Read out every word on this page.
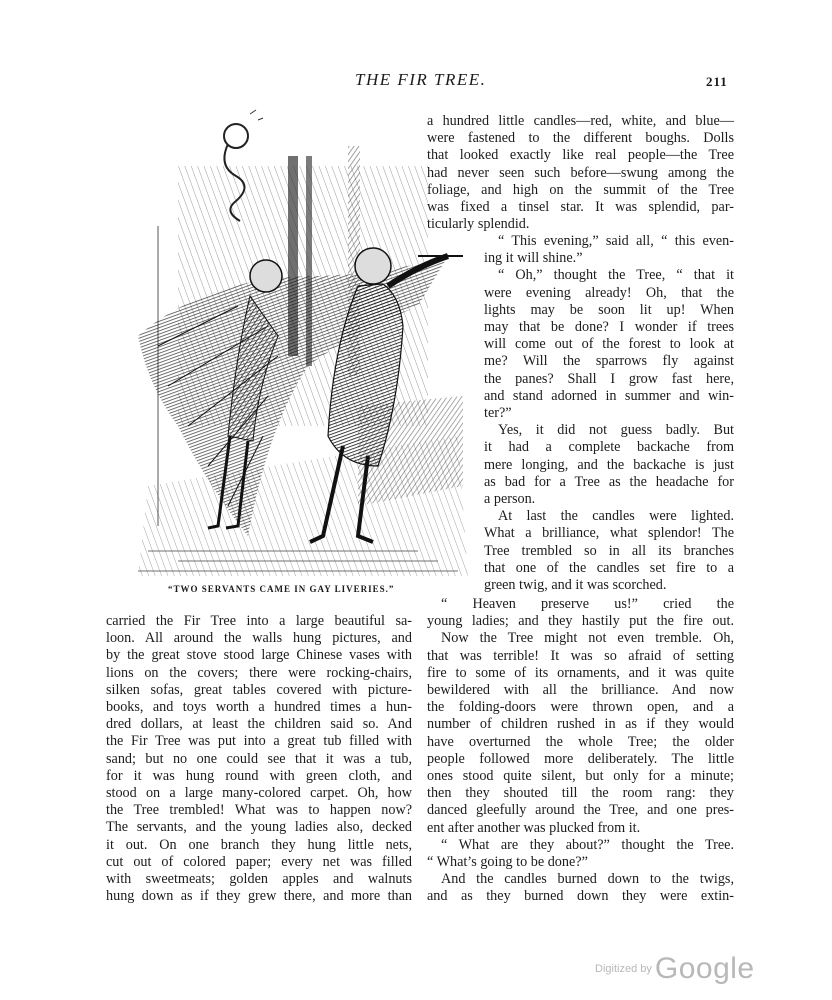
THE FIR TREE.	211
“TWO SERVANTS CAME IN GAY LIVERIES.”
a hundred little candles—red, white, and blue—
were fastened to the different boughs. Dolls
that looked exactly like real people—the Tree
had never seen such before—swung among the
foliage, and high on the summit of the Tree
was fixed a tinsel star. It was splendid, par-
ticularly splendid.
“ This evening,” said all, “ this even-
ing it will shine.”
“ Oh,” thought the Tree, “ that it
were evening already! Oh, that the
lights may be soon lit up! When
may that be done? I wonder if trees
will come out of the forest to look at
me? Will the sparrows fly against
the panes? Shall I grow fast here,
and stand adorned in summer and win-
ter?”
Yes, it did not guess badly. But
it had a complete backache from
mere longing, and the backache is just
as bad for a Tree as the headache for
a person.
At last the candles were lighted.
What a brilliance, what splendor! The
Tree trembled so in all its branches
that one of the candles set fire to a
green twig, and it was scorched.
“ Heaven preserve us!” cried the
young ladies; and they hastily put the fire out.
Now the Tree might not even tremble. Oh,
that was terrible! It was so afraid of setting
fire to some of its ornaments, and it was quite
bewildered with all the brilliance. And now
the folding-doors were thrown open, and a
number of children rushed in as if they would
have overturned the whole Tree; the older
people followed more deliberately. The little
ones stood quite silent, but only for a minute;
then they shouted till the room rang: they
danced gleefully around the Tree, and one pres-
ent after another was plucked from it.
“ What are they about?” thought the Tree.
“ What’s going to be done?”
And the candles burned down to the twigs,
and as they burned down they were extin-
carried the Fir Tree into a large beautiful sa-
loon. All around the walls hung pictures, and
by the great stove stood large Chinese vases with
lions on the covers; there were rocking-chairs,
silken sofas, great tables covered with picture-
books, and toys worth a hundred times a hun-
dred dollars, at least the children said so. And
the Fir Tree was put into a great tub filled with
sand; but no one could see that it was a tub,
for it was hung round with green cloth, and
stood on a large many-colored carpet. Oh, how
the Tree trembled! What was to happen now?
The servants, and the young ladies also, decked
it out. On one branch they hung little nets,
cut out of colored paper; every net was filled
with sweetmeats; golden apples and walnuts
hung down as if they grew there, and more than
$^{Digitized by}$ Google
